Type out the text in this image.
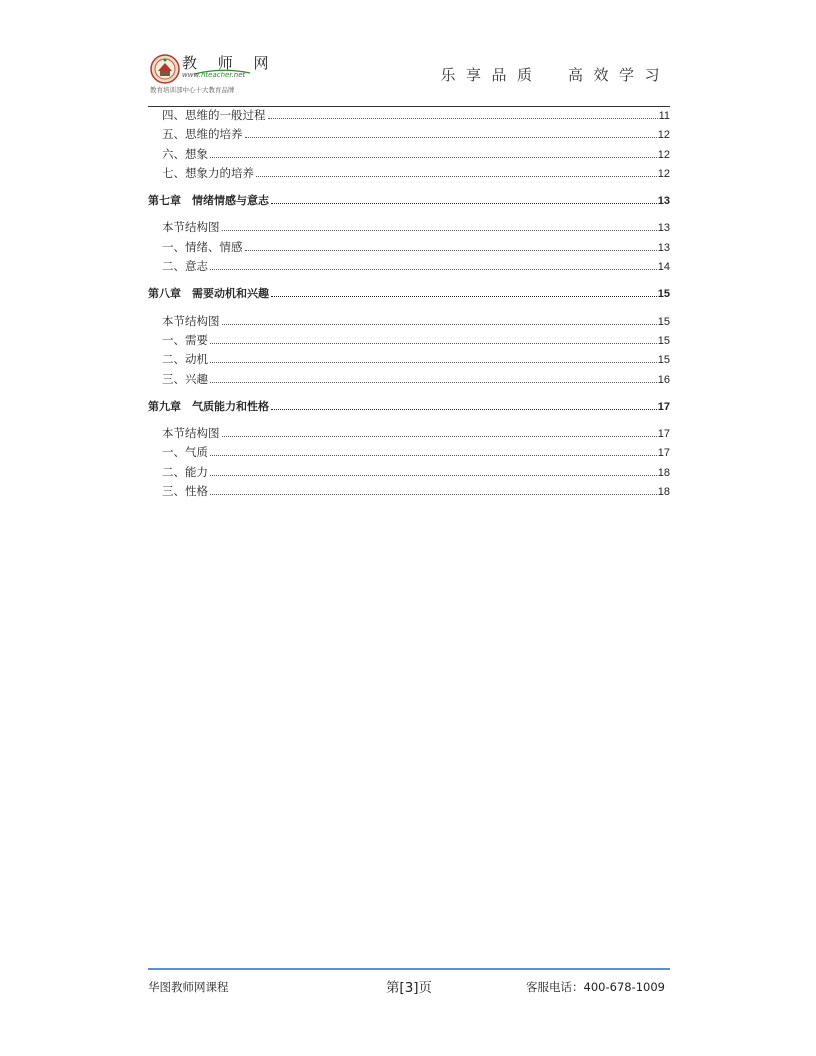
教 师 网
www.hteacher.net
教育培训部中心十大教育品牌
乐享品质　高效学习
四、思维的一般过程	11
五、思维的培养	12
六、想象	12
七、想象力的培养	12
第七章　情绪情感与意志	13
本节结构图	13
一、情绪、情感	13
二、意志	14
第八章　需要动机和兴趣	15
本节结构图	15
一、需要	15
二、动机	15
三、兴趣	16
第九章　气质能力和性格	17
本节结构图	17
一、气质	17
二、能力	18
三、性格	18
华图教师网课程	第[3]页	客服电话：400-678-1009
